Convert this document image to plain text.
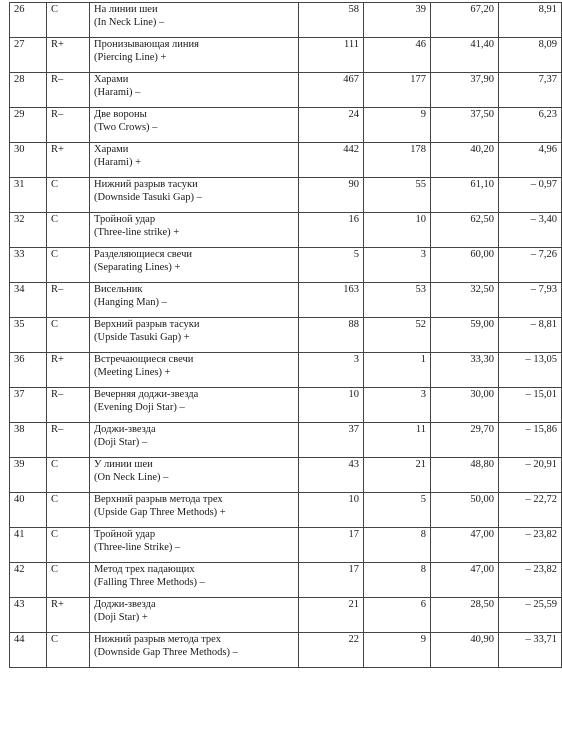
26	C	На линии шеи
(In Neck Line) –	58	39	67,20	8,91
27	R+	Пронизывающая линия
(Piercing Line) +	111	46	41,40	8,09
28	R–	Харами
(Harami) –	467	177	37,90	7,37
29	R–	Две вороны
(Two Crows) –	24	9	37,50	6,23
30	R+	Харами
(Harami) +	442	178	40,20	4,96
31	C	Нижний разрыв тасуки
(Downside Tasuki Gap) –	90	55	61,10	– 0,97
32	C	Тройной удар
(Three-line strike) +	16	10	62,50	– 3,40
33	C	Разделяющиеся свечи
(Separating Lines) +	5	3	60,00	– 7,26
34	R–	Висельник
(Hanging Man) –	163	53	32,50	– 7,93
35	C	Верхний разрыв тасуки
(Upside Tasuki Gap) +	88	52	59,00	– 8,81
36	R+	Встречающиеся свечи
(Meeting Lines) +	3	1	33,30	– 13,05
37	R–	Вечерняя доджи-звезда
(Evening Doji Star) –	10	3	30,00	– 15,01
38	R–	Доджи-звезда
(Doji Star) –	37	11	29,70	– 15,86
39	C	У линии шеи
(On Neck Line) –	43	21	48,80	– 20,91
40	C	Верхний разрыв метода трех
(Upside Gap Three Methods) +	10	5	50,00	– 22,72
41	C	Тройной удар
(Three-line Strike) –	17	8	47,00	– 23,82
42	C	Метод трех падающих
(Falling Three Methods) –	17	8	47,00	– 23,82
43	R+	Доджи-звезда
(Doji Star) +	21	6	28,50	– 25,59
44	C	Нижний разрыв метода трех
(Downside Gap Three Methods) –	22	9	40,90	– 33,71
